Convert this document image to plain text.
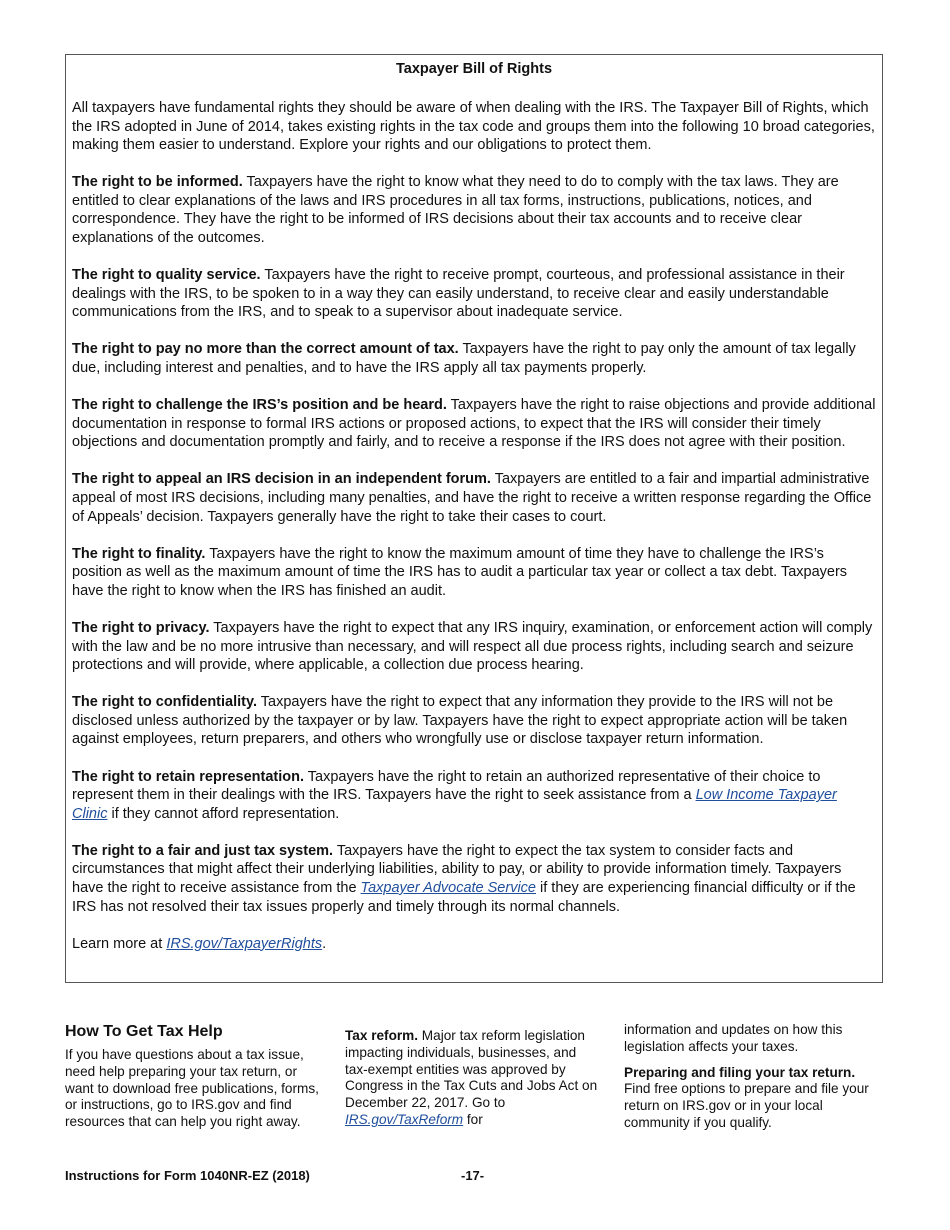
Taxpayer Bill of Rights

All taxpayers have fundamental rights they should be aware of when dealing with the IRS. The Taxpayer Bill of Rights, which the IRS adopted in June of 2014, takes existing rights in the tax code and groups them into the following 10 broad categories, making them easier to understand. Explore your rights and our obligations to protect them.

The right to be informed. Taxpayers have the right to know what they need to do to comply with the tax laws. They are entitled to clear explanations of the laws and IRS procedures in all tax forms, instructions, publications, notices, and correspondence. They have the right to be informed of IRS decisions about their tax accounts and to receive clear explanations of the outcomes.

The right to quality service. Taxpayers have the right to receive prompt, courteous, and professional assistance in their dealings with the IRS, to be spoken to in a way they can easily understand, to receive clear and easily understandable communications from the IRS, and to speak to a supervisor about inadequate service.

The right to pay no more than the correct amount of tax. Taxpayers have the right to pay only the amount of tax legally due, including interest and penalties, and to have the IRS apply all tax payments properly.

The right to challenge the IRS’s position and be heard. Taxpayers have the right to raise objections and provide additional documentation in response to formal IRS actions or proposed actions, to expect that the IRS will consider their timely objections and documentation promptly and fairly, and to receive a response if the IRS does not agree with their position.

The right to appeal an IRS decision in an independent forum. Taxpayers are entitled to a fair and impartial administrative appeal of most IRS decisions, including many penalties, and have the right to receive a written response regarding the Office of Appeals’ decision. Taxpayers generally have the right to take their cases to court.

The right to finality. Taxpayers have the right to know the maximum amount of time they have to challenge the IRS’s position as well as the maximum amount of time the IRS has to audit a particular tax year or collect a tax debt. Taxpayers have the right to know when the IRS has finished an audit.

The right to privacy. Taxpayers have the right to expect that any IRS inquiry, examination, or enforcement action will comply with the law and be no more intrusive than necessary, and will respect all due process rights, including search and seizure protections and will provide, where applicable, a collection due process hearing.

The right to confidentiality. Taxpayers have the right to expect that any information they provide to the IRS will not be disclosed unless authorized by the taxpayer or by law. Taxpayers have the right to expect appropriate action will be taken against employees, return preparers, and others who wrongfully use or disclose taxpayer return information.

The right to retain representation. Taxpayers have the right to retain an authorized representative of their choice to represent them in their dealings with the IRS. Taxpayers have the right to seek assistance from a Low Income Taxpayer Clinic if they cannot afford representation.

The right to a fair and just tax system. Taxpayers have the right to expect the tax system to consider facts and circumstances that might affect their underlying liabilities, ability to pay, or ability to provide information timely. Taxpayers have the right to receive assistance from the Taxpayer Advocate Service if they are experiencing financial difficulty or if the IRS has not resolved their tax issues properly and timely through its normal channels.

Learn more at IRS.gov/TaxpayerRights.

How To Get Tax Help

If you have questions about a tax issue, need help preparing your tax return, or want to download free publications, forms, or instructions, go to IRS.gov and find resources that can help you right away.

Tax reform. Major tax reform legislation impacting individuals, businesses, and tax-exempt entities was approved by Congress in the Tax Cuts and Jobs Act on December 22, 2017. Go to IRS.gov/TaxReform for

information and updates on how this legislation affects your taxes.

Preparing and filing your tax return.
Find free options to prepare and file your return on IRS.gov or in your local community if you qualify.

Instructions for Form 1040NR-EZ (2018)	-17-
